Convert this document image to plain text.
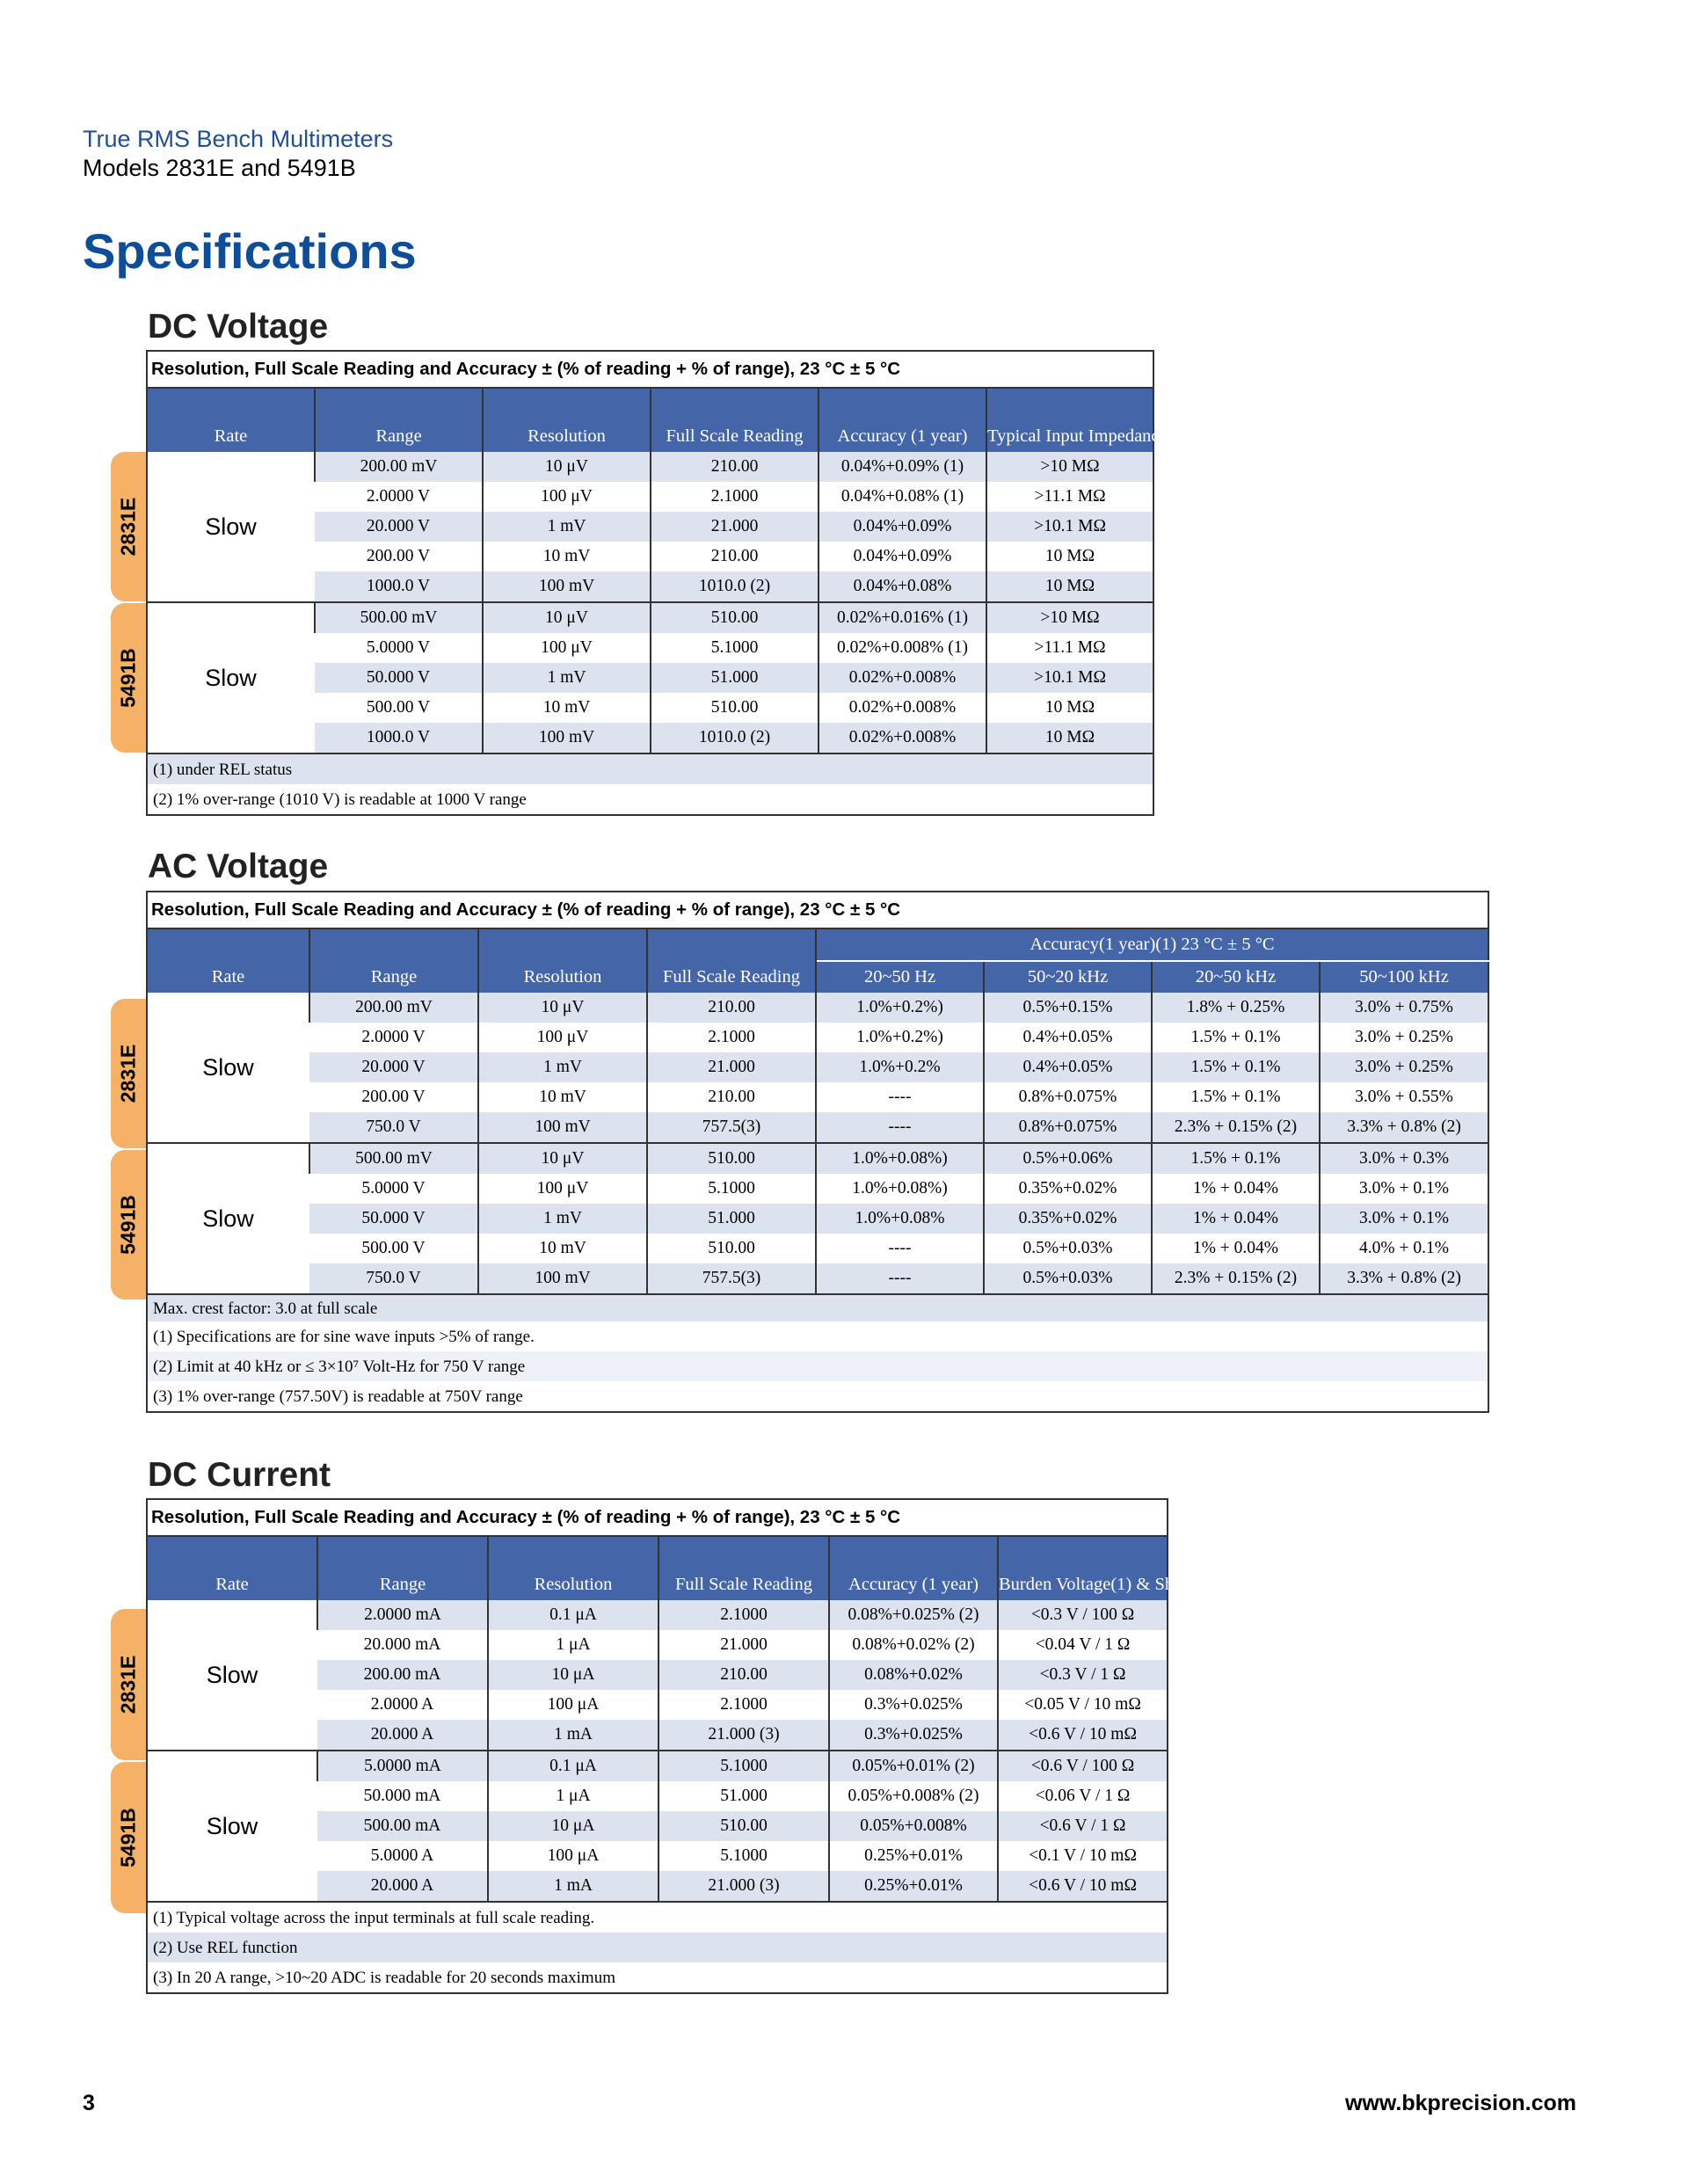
True RMS Bench Multimeters
Models 2831E and 5491B
Specifications
DC Voltage
2831E
5491B
Resolution, Full Scale Reading and Accuracy ± (% of reading + % of range), 23 °C ± 5 °C					
Rate	Range	Resolution	Full Scale Reading	Accuracy (1 year)	Typical Input Impedance
Slow	200.00 mV	10 μV	210.00	0.04%+0.09% (1)	>10 MΩ
	2.0000 V	100 μV	2.1000	0.04%+0.08% (1)	>11.1 MΩ
	20.000 V	1 mV	21.000	0.04%+0.09%	>10.1 MΩ
	200.00 V	10 mV	210.00	0.04%+0.09%	10 MΩ
	1000.0 V	100 mV	1010.0 (2)	0.04%+0.08%	10 MΩ
Slow	500.00 mV	10 μV	510.00	0.02%+0.016% (1)	>10 MΩ
	5.0000 V	100 μV	5.1000	0.02%+0.008% (1)	>11.1 MΩ
	50.000 V	1 mV	51.000	0.02%+0.008%	>10.1 MΩ
	500.00 V	10 mV	510.00	0.02%+0.008%	10 MΩ
	1000.0 V	100 mV	1010.0 (2)	0.02%+0.008%	10 MΩ
(1) under REL status					
(2) 1% over-range (1010 V) is readable at 1000 V range					
AC Voltage
2831E
5491B
Resolution, Full Scale Reading and Accuracy ± (% of reading + % of range), 23 °C ± 5 °C							
Rate	Range	Resolution	Full Scale Reading	Accuracy(1 year)(1) 23 °C ± 5 °C			
				20~50 Hz	50~20 kHz	20~50 kHz	50~100 kHz
Slow	200.00 mV	10 μV	210.00	1.0%+0.2%)	0.5%+0.15%	1.8% + 0.25%	3.0% + 0.75%
	2.0000 V	100 μV	2.1000	1.0%+0.2%)	0.4%+0.05%	1.5% + 0.1%	3.0% + 0.25%
	20.000 V	1 mV	21.000	1.0%+0.2%	0.4%+0.05%	1.5% + 0.1%	3.0% + 0.25%
	200.00 V	10 mV	210.00	----	0.8%+0.075%	1.5% + 0.1%	3.0% + 0.55%
	750.0 V	100 mV	757.5(3)	----	0.8%+0.075%	2.3% + 0.15% (2)	3.3% + 0.8% (2)
Slow	500.00 mV	10 μV	510.00	1.0%+0.08%)	0.5%+0.06%	1.5% + 0.1%	3.0% + 0.3%
	5.0000 V	100 μV	5.1000	1.0%+0.08%)	0.35%+0.02%	1% + 0.04%	3.0% + 0.1%
	50.000 V	1 mV	51.000	1.0%+0.08%	0.35%+0.02%	1% + 0.04%	3.0% + 0.1%
	500.00 V	10 mV	510.00	----	0.5%+0.03%	1% + 0.04%	4.0% + 0.1%
	750.0 V	100 mV	757.5(3)	----	0.5%+0.03%	2.3% + 0.15% (2)	3.3% + 0.8% (2)
Max. crest factor: 3.0 at full scale							
(1) Specifications are for sine wave inputs >5% of range.							
(2) Limit at 40 kHz or ≤ 3×10⁷ Volt-Hz for 750 V range							
(3) 1% over-range (757.50V) is readable at 750V range							
DC Current
2831E
5491B
Resolution, Full Scale Reading and Accuracy ± (% of reading + % of range), 23 °C ± 5 °C					
Rate	Range	Resolution	Full Scale Reading	Accuracy (1 year)	Burden Voltage(1) & Shunt Resistor
Slow	2.0000 mA	0.1 μA	2.1000	0.08%+0.025% (2)	<0.3 V / 100 Ω
	20.000 mA	1 μA	21.000	0.08%+0.02% (2)	<0.04 V / 1 Ω
	200.00 mA	10 μA	210.00	0.08%+0.02%	<0.3 V / 1 Ω
	2.0000 A	100 μA	2.1000	0.3%+0.025%	<0.05 V / 10 mΩ
	20.000 A	1 mA	21.000 (3)	0.3%+0.025%	<0.6 V / 10 mΩ
Slow	5.0000 mA	0.1 μA	5.1000	0.05%+0.01% (2)	<0.6 V / 100 Ω
	50.000 mA	1 μA	51.000	0.05%+0.008% (2)	<0.06 V / 1 Ω
	500.00 mA	10 μA	510.00	0.05%+0.008%	<0.6 V / 1 Ω
	5.0000 A	100 μA	5.1000	0.25%+0.01%	<0.1 V / 10 mΩ
	20.000 A	1 mA	21.000 (3)	0.25%+0.01%	<0.6 V / 10 mΩ
(1) Typical voltage across the input terminals at full scale reading.					
(2) Use REL function					
(3) In 20 A range, >10~20 ADC is readable for 20 seconds maximum					
3	www.bkprecision.com
